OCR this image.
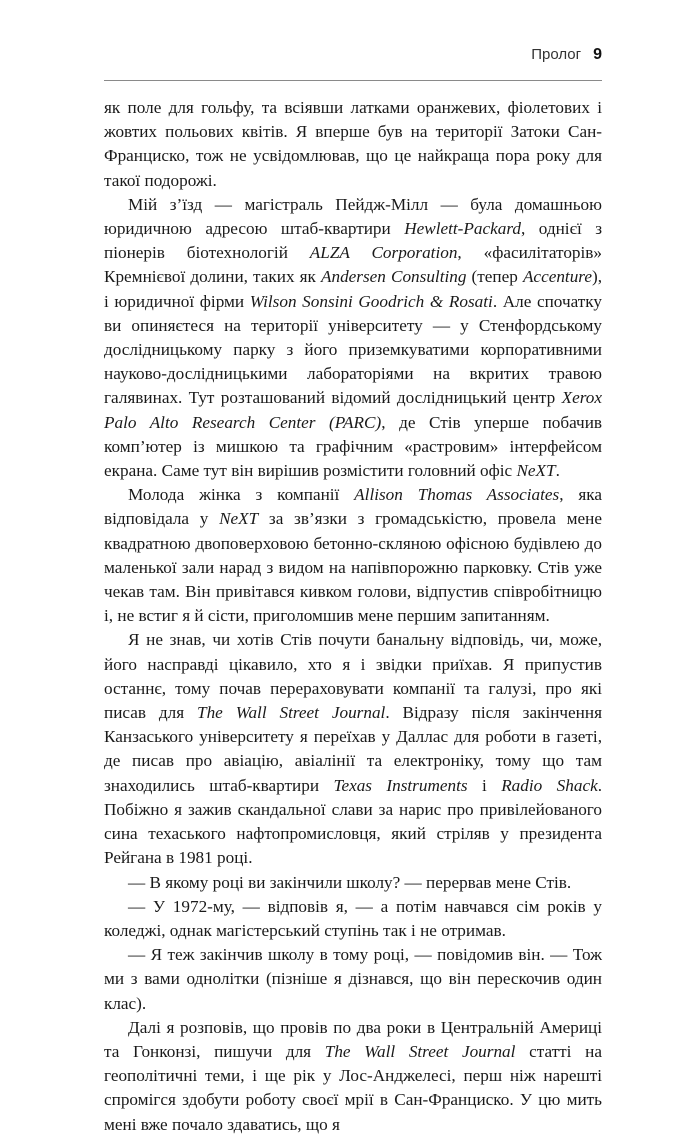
Пролог 9

як поле для гольфу, та всіявши латками оранжевих, фіолетових і жовтих польових квітів. Я вперше був на території Затоки Сан-Франциско, тож не усвідомлював, що це найкраща пора року для такої подорожі.

Мій з’їзд — магістраль Пейдж-Мілл — була домашньою юридичною адресою штаб-квартири Hewlett-Packard, однієї з піонерів біотехнологій ALZA Corporation, «фасилітаторів» Кремнієвої долини, таких як Andersen Consulting (тепер Accenture), і юридичної фірми Wilson Sonsini Goodrich & Rosati. Але спочатку ви опиняєтеся на території університету — у Стенфордському дослідницькому парку з його приземкуватими корпоративними науково-дослідницькими лабораторіями на вкритих травою галявинах. Тут розташований відомий дослідницький центр Xerox Palo Alto Research Center (PARC), де Стів уперше побачив комп’ютер із мишкою та графічним «растровим» інтерфейсом екрана. Саме тут він вирішив розмістити головний офіс NeXT.

Молода жінка з компанії Allison Thomas Associates, яка відповідала у NeXT за зв’язки з громадськістю, провела мене квадратною двоповерховою бетонно-скляною офісною будівлею до маленької зали нарад з видом на напівпорожню парковку. Стів уже чекав там. Він привітався кивком голови, відпустив співробітницю і, не встиг я й сісти, приголомшив мене першим запитанням.

Я не знав, чи хотів Стів почути банальну відповідь, чи, може, його насправді цікавило, хто я і звідки приїхав. Я припустив останнє, тому почав перераховувати компанії та галузі, про які писав для The Wall Street Journal. Відразу після закінчення Канзаського університету я переїхав у Даллас для роботи в газеті, де писав про авіацію, авіалінії та електроніку, тому що там знаходились штаб-квартири Texas Instruments і Radio Shack. Побіжно я зажив скандальної слави за нарис про привілейованого сина техаського нафтопромисловця, який стріляв у президента Рейгана в 1981 році.

— В якому році ви закінчили школу? — перервав мене Стів.

— У 1972-му, — відповів я, — а потім навчався сім років у коледжі, однак магістерський ступінь так і не отримав.

— Я теж закінчив школу в тому році, — повідомив він. — Тож ми з вами однолітки (пізніше я дізнався, що він перескочив один клас).

Далі я розповів, що провів по два роки в Центральній Америці та Гонконзі, пишучи для The Wall Street Journal статті на геополітичні теми, і ще рік у Лос-Анджелесі, перш ніж нарешті спромігся здобути роботу своєї мрії в Сан-Франциско. У цю мить мені вже почало здаватись, що я
